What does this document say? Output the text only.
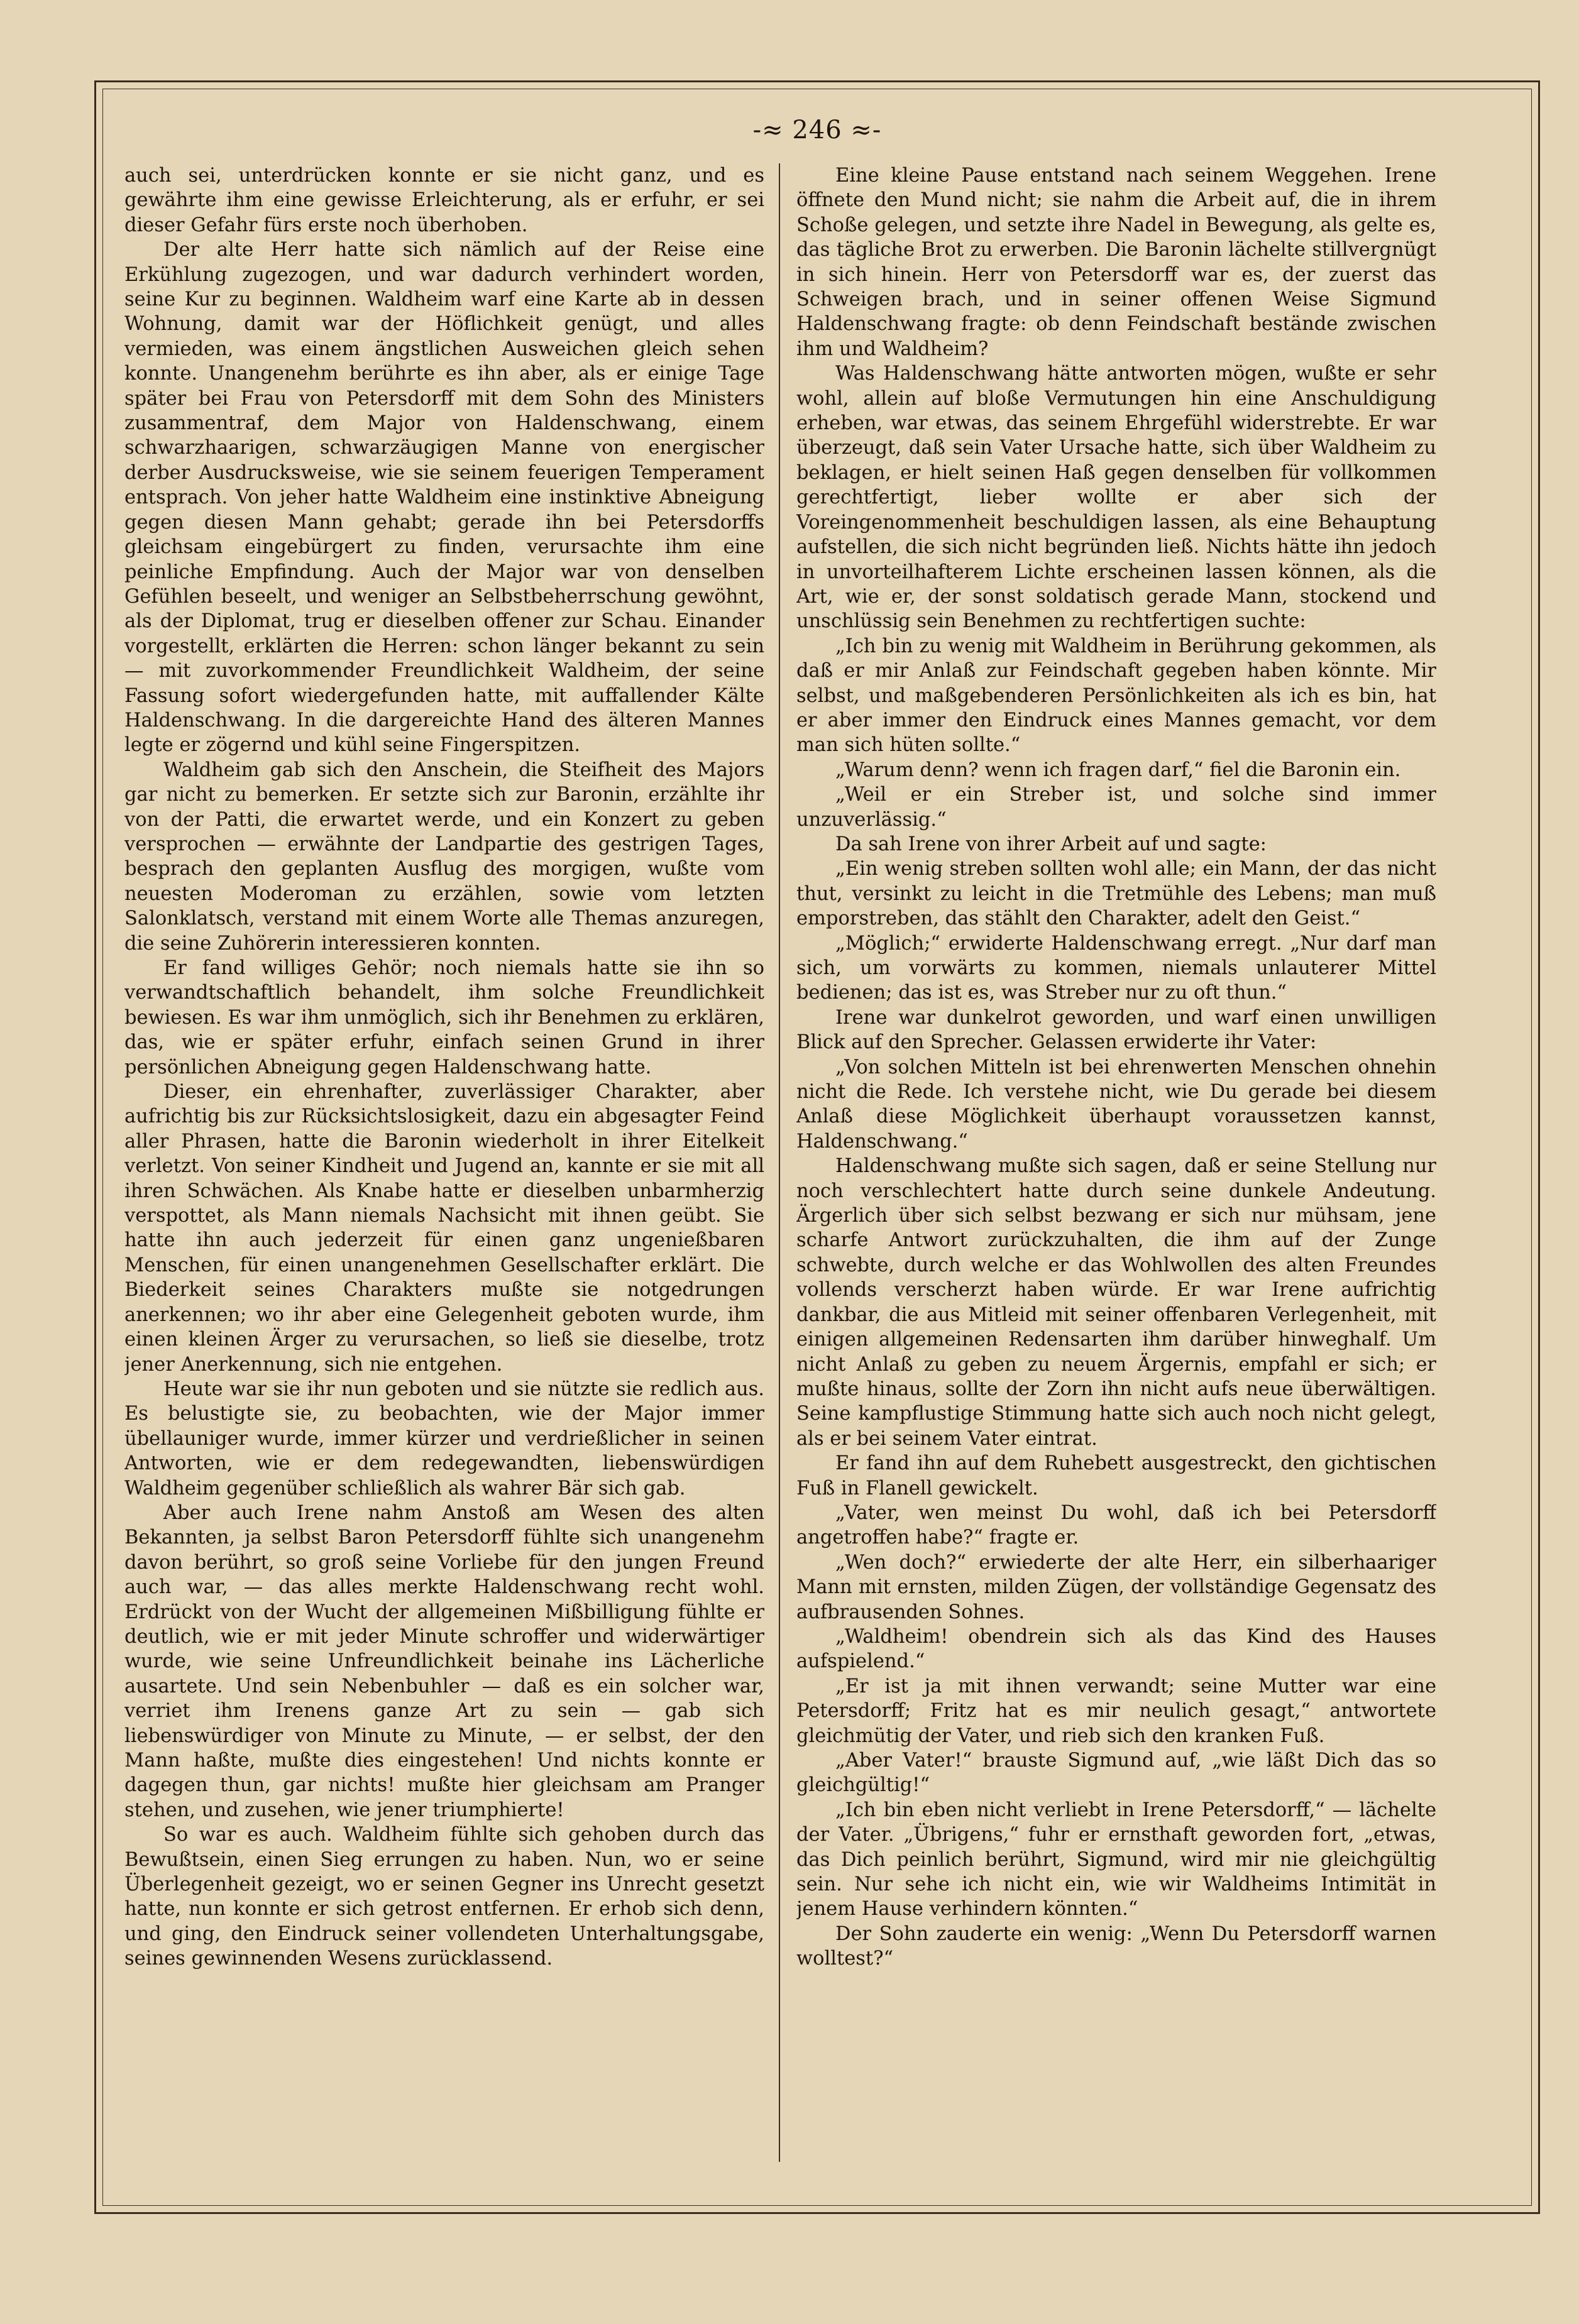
-≈ 246 ≈-

auch sei, unterdrücken konnte er sie nicht ganz, und es gewährte ihm eine gewisse Erleichterung, als er erfuhr, er sei dieser Gefahr fürs erste noch überhoben.

Der alte Herr hatte sich nämlich auf der Reise eine Erkühlung zugezogen, und war dadurch verhindert worden, seine Kur zu beginnen. Waldheim warf eine Karte ab in dessen Wohnung, damit war der Höflichkeit genügt, und alles vermieden, was einem ängstlichen Ausweichen gleich sehen konnte. Unangenehm berührte es ihn aber, als er einige Tage später bei Frau von Petersdorff mit dem Sohn des Ministers zusammentraf, dem Major von Haldenschwang, einem schwarzhaarigen, schwarzäugigen Manne von energischer derber Ausdrucksweise, wie sie seinem feuerigen Temperament entsprach. Von jeher hatte Waldheim eine instinktive Abneigung gegen diesen Mann gehabt; gerade ihn bei Petersdorffs gleichsam eingebürgert zu finden, verursachte ihm eine peinliche Empfindung. Auch der Major war von denselben Gefühlen beseelt, und weniger an Selbstbeherrschung gewöhnt, als der Diplomat, trug er dieselben offener zur Schau. Einander vorgestellt, erklärten die Herren: schon länger bekannt zu sein — mit zuvorkommender Freundlichkeit Waldheim, der seine Fassung sofort wiedergefunden hatte, mit auffallender Kälte Haldenschwang. In die dargereichte Hand des älteren Mannes legte er zögernd und kühl seine Fingerspitzen.

Waldheim gab sich den Anschein, die Steifheit des Majors gar nicht zu bemerken. Er setzte sich zur Baronin, erzählte ihr von der Patti, die erwartet werde, und ein Konzert zu geben versprochen — erwähnte der Landpartie des gestrigen Tages, besprach den geplanten Ausflug des morgigen, wußte vom neuesten Moderoman zu erzählen, sowie vom letzten Salonklatsch, verstand mit einem Worte alle Themas anzuregen, die seine Zuhörerin interessieren konnten.

Er fand williges Gehör; noch niemals hatte sie ihn so verwandtschaftlich behandelt, ihm solche Freundlichkeit bewiesen. Es war ihm unmöglich, sich ihr Benehmen zu erklären, das, wie er später erfuhr, einfach seinen Grund in ihrer persönlichen Abneigung gegen Haldenschwang hatte.

Dieser, ein ehrenhafter, zuverlässiger Charakter, aber aufrichtig bis zur Rücksichtslosigkeit, dazu ein abgesagter Feind aller Phrasen, hatte die Baronin wiederholt in ihrer Eitelkeit verletzt. Von seiner Kindheit und Jugend an, kannte er sie mit all ihren Schwächen. Als Knabe hatte er dieselben unbarmherzig verspottet, als Mann niemals Nachsicht mit ihnen geübt. Sie hatte ihn auch jederzeit für einen ganz ungenießbaren Menschen, für einen unangenehmen Gesellschafter erklärt. Die Biederkeit seines Charakters mußte sie notgedrungen anerkennen; wo ihr aber eine Gelegenheit geboten wurde, ihm einen kleinen Ärger zu verursachen, so ließ sie dieselbe, trotz jener Anerkennung, sich nie entgehen.

Heute war sie ihr nun geboten und sie nützte sie redlich aus. Es belustigte sie, zu beobachten, wie der Major immer übellauniger wurde, immer kürzer und verdrießlicher in seinen Antworten, wie er dem redegewandten, liebenswürdigen Waldheim gegenüber schließlich als wahrer Bär sich gab.

Aber auch Irene nahm Anstoß am Wesen des alten Bekannten, ja selbst Baron Petersdorff fühlte sich unangenehm davon berührt, so groß seine Vorliebe für den jungen Freund auch war, — das alles merkte Haldenschwang recht wohl. Erdrückt von der Wucht der allgemeinen Mißbilligung fühlte er deutlich, wie er mit jeder Minute schroffer und widerwärtiger wurde, wie seine Unfreundlichkeit beinahe ins Lächerliche ausartete. Und sein Nebenbuhler — daß es ein solcher war, verriet ihm Irenens ganze Art zu sein — gab sich liebenswürdiger von Minute zu Minute, — er selbst, der den Mann haßte, mußte dies eingestehen! Und nichts konnte er dagegen thun, gar nichts! mußte hier gleichsam am Pranger stehen, und zusehen, wie jener triumphierte!

So war es auch. Waldheim fühlte sich gehoben durch das Bewußtsein, einen Sieg errungen zu haben. Nun, wo er seine Überlegenheit gezeigt, wo er seinen Gegner ins Unrecht gesetzt hatte, nun konnte er sich getrost entfernen. Er erhob sich denn, und ging, den Eindruck seiner vollendeten Unterhaltungsgabe, seines gewinnenden Wesens zurücklassend.

Eine kleine Pause entstand nach seinem Weggehen. Irene öffnete den Mund nicht; sie nahm die Arbeit auf, die in ihrem Schoße gelegen, und setzte ihre Nadel in Bewegung, als gelte es, das tägliche Brot zu erwerben. Die Baronin lächelte stillvergnügt in sich hinein. Herr von Petersdorff war es, der zuerst das Schweigen brach, und in seiner offenen Weise Sigmund Haldenschwang fragte: ob denn Feindschaft bestände zwischen ihm und Waldheim?

Was Haldenschwang hätte antworten mögen, wußte er sehr wohl, allein auf bloße Vermutungen hin eine Anschuldigung erheben, war etwas, das seinem Ehrgefühl widerstrebte. Er war überzeugt, daß sein Vater Ursache hatte, sich über Waldheim zu beklagen, er hielt seinen Haß gegen denselben für vollkommen gerechtfertigt, lieber wollte er aber sich der Voreingenommenheit beschuldigen lassen, als eine Behauptung aufstellen, die sich nicht begründen ließ. Nichts hätte ihn jedoch in unvorteilhafterem Lichte erscheinen lassen können, als die Art, wie er, der sonst soldatisch gerade Mann, stockend und unschlüssig sein Benehmen zu rechtfertigen suchte:

„Ich bin zu wenig mit Waldheim in Berührung gekommen, als daß er mir Anlaß zur Feindschaft gegeben haben könnte. Mir selbst, und maßgebenderen Persönlichkeiten als ich es bin, hat er aber immer den Eindruck eines Mannes gemacht, vor dem man sich hüten sollte.“

„Warum denn? wenn ich fragen darf,“ fiel die Baronin ein.

„Weil er ein Streber ist, und solche sind immer unzuverlässig.“

Da sah Irene von ihrer Arbeit auf und sagte:

„Ein wenig streben sollten wohl alle; ein Mann, der das nicht thut, versinkt zu leicht in die Tretmühle des Lebens; man muß emporstreben, das stählt den Charakter, adelt den Geist.“

„Möglich;“ erwiderte Haldenschwang erregt. „Nur darf man sich, um vorwärts zu kommen, niemals unlauterer Mittel bedienen; das ist es, was Streber nur zu oft thun.“

Irene war dunkelrot geworden, und warf einen unwilligen Blick auf den Sprecher. Gelassen erwiderte ihr Vater:

„Von solchen Mitteln ist bei ehrenwerten Menschen ohnehin nicht die Rede. Ich verstehe nicht, wie Du gerade bei diesem Anlaß diese Möglichkeit überhaupt voraussetzen kannst, Haldenschwang.“

Haldenschwang mußte sich sagen, daß er seine Stellung nur noch verschlechtert hatte durch seine dunkele Andeutung. Ärgerlich über sich selbst bezwang er sich nur mühsam, jene scharfe Antwort zurückzuhalten, die ihm auf der Zunge schwebte, durch welche er das Wohlwollen des alten Freundes vollends verscherzt haben würde. Er war Irene aufrichtig dankbar, die aus Mitleid mit seiner offenbaren Verlegenheit, mit einigen allgemeinen Redensarten ihm darüber hinweghalf. Um nicht Anlaß zu geben zu neuem Ärgernis, empfahl er sich; er mußte hinaus, sollte der Zorn ihn nicht aufs neue überwältigen. Seine kampflustige Stimmung hatte sich auch noch nicht gelegt, als er bei seinem Vater eintrat.

Er fand ihn auf dem Ruhebett ausgestreckt, den gichtischen Fuß in Flanell gewickelt.

„Vater, wen meinst Du wohl, daß ich bei Petersdorff angetroffen habe?“ fragte er.

„Wen doch?“ erwiederte der alte Herr, ein silberhaariger Mann mit ernsten, milden Zügen, der vollständige Gegensatz des aufbrausenden Sohnes.

„Waldheim! obendrein sich als das Kind des Hauses aufspielend.“

„Er ist ja mit ihnen verwandt; seine Mutter war eine Petersdorff; Fritz hat es mir neulich gesagt,“ antwortete gleichmütig der Vater, und rieb sich den kranken Fuß.

„Aber Vater!“ brauste Sigmund auf, „wie läßt Dich das so gleichgültig!“

„Ich bin eben nicht verliebt in Irene Petersdorff,“ — lächelte der Vater. „Übrigens,“ fuhr er ernsthaft geworden fort, „etwas, das Dich peinlich berührt, Sigmund, wird mir nie gleichgültig sein. Nur sehe ich nicht ein, wie wir Waldheims Intimität in jenem Hause verhindern könnten.“

Der Sohn zauderte ein wenig: „Wenn Du Petersdorff warnen wolltest?“
